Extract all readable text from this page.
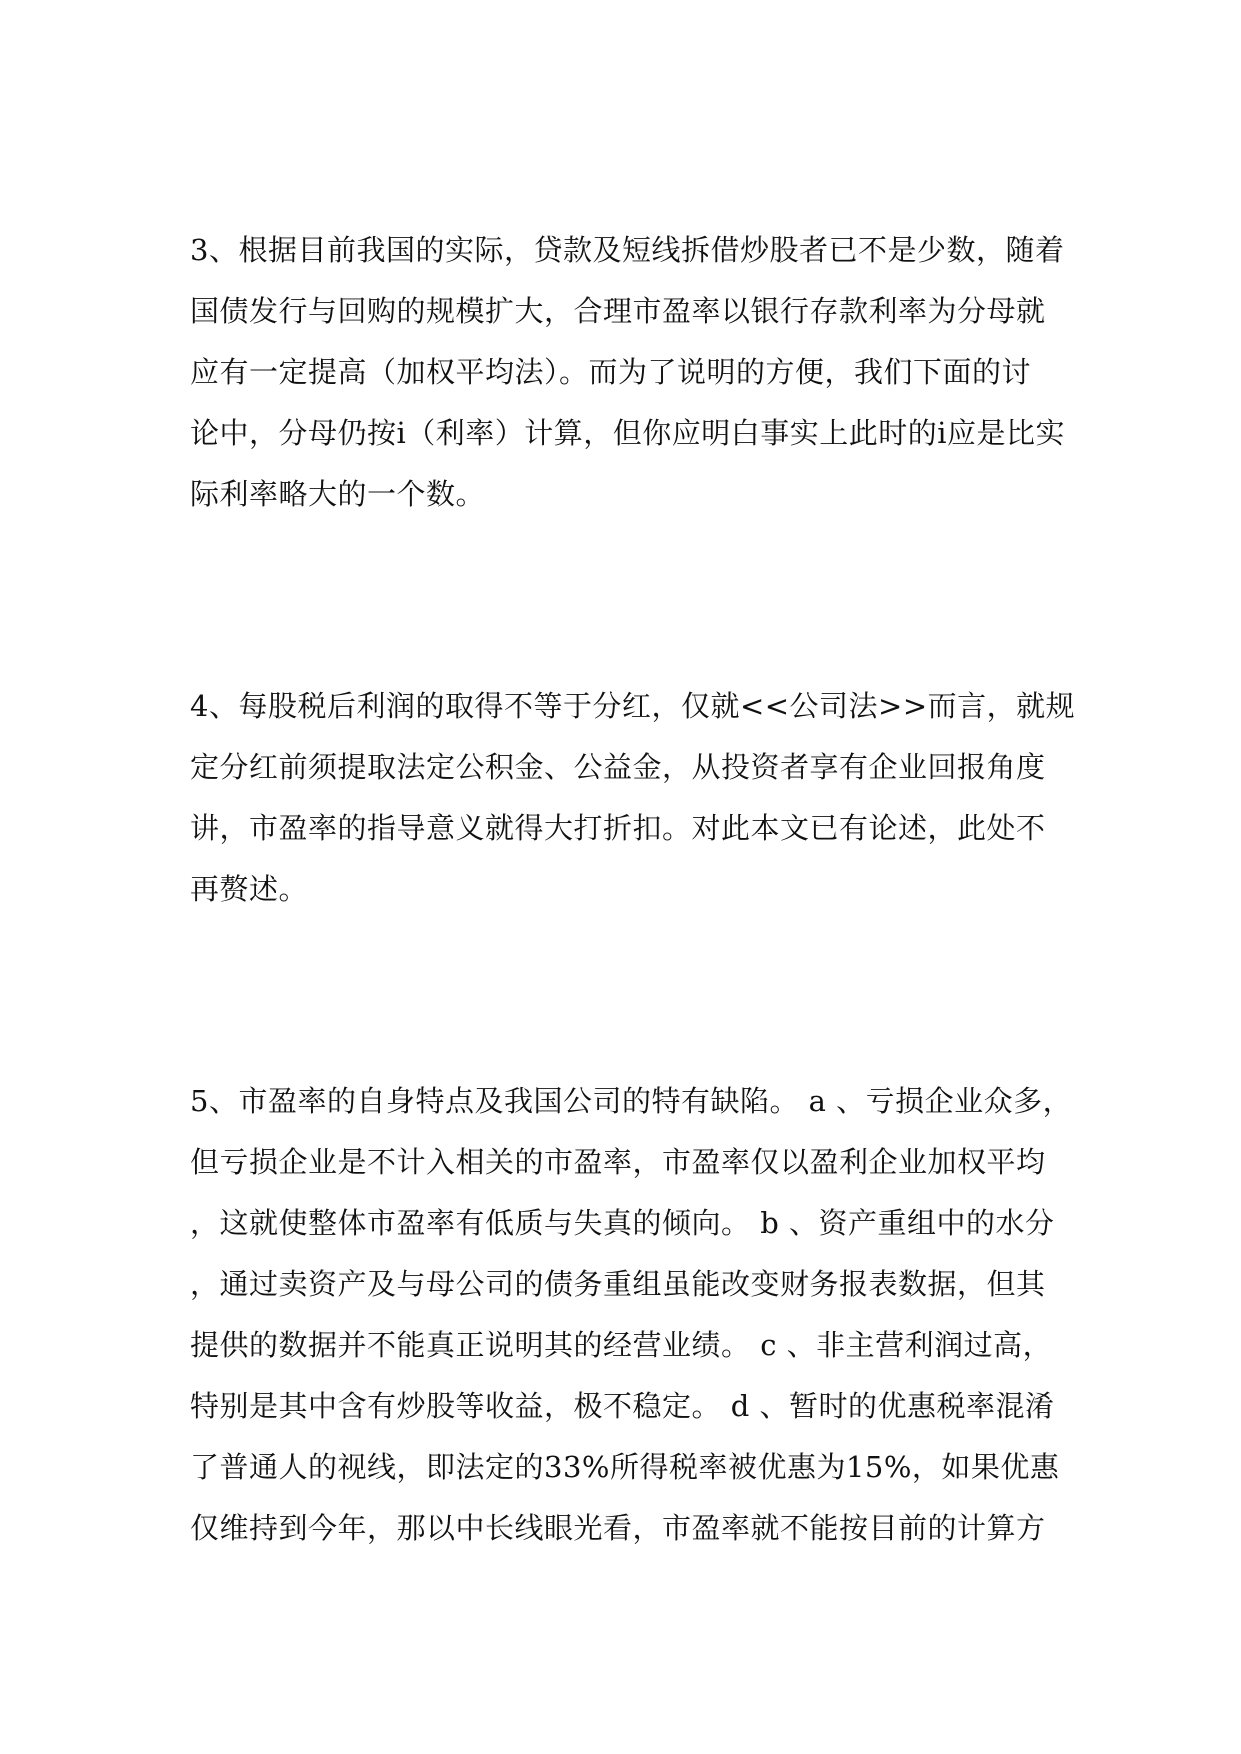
3、根据目前我国的实际，贷款及短线拆借炒股者已不是少数，随着
国债发行与回购的规模扩大，合理市盈率以银行存款利率为分母就
应有一定提高（加权平均法）。而为了说明的方便，我们下面的讨
论中，分母仍按i（利率）计算，但你应明白事实上此时的i应是比实
际利率略大的一个数。
4、每股税后利润的取得不等于分红，仅就<<公司法>>而言，就规
定分红前须提取法定公积金、公益金，从投资者享有企业回报角度
讲，市盈率的指导意义就得大打折扣。对此本文已有论述，此处不
再赘述。
5、市盈率的自身特点及我国公司的特有缺陷。 a 、亏损企业众多，
但亏损企业是不计入相关的市盈率，市盈率仅以盈利企业加权平均
，这就使整体市盈率有低质与失真的倾向。 b 、资产重组中的水分
，通过卖资产及与母公司的债务重组虽能改变财务报表数据，但其
提供的数据并不能真正说明其的经营业绩。 c 、非主营利润过高，
特别是其中含有炒股等收益，极不稳定。 d 、暂时的优惠税率混淆
了普通人的视线，即法定的33%所得税率被优惠为15%，如果优惠
仅维持到今年，那以中长线眼光看，市盈率就不能按目前的计算方
